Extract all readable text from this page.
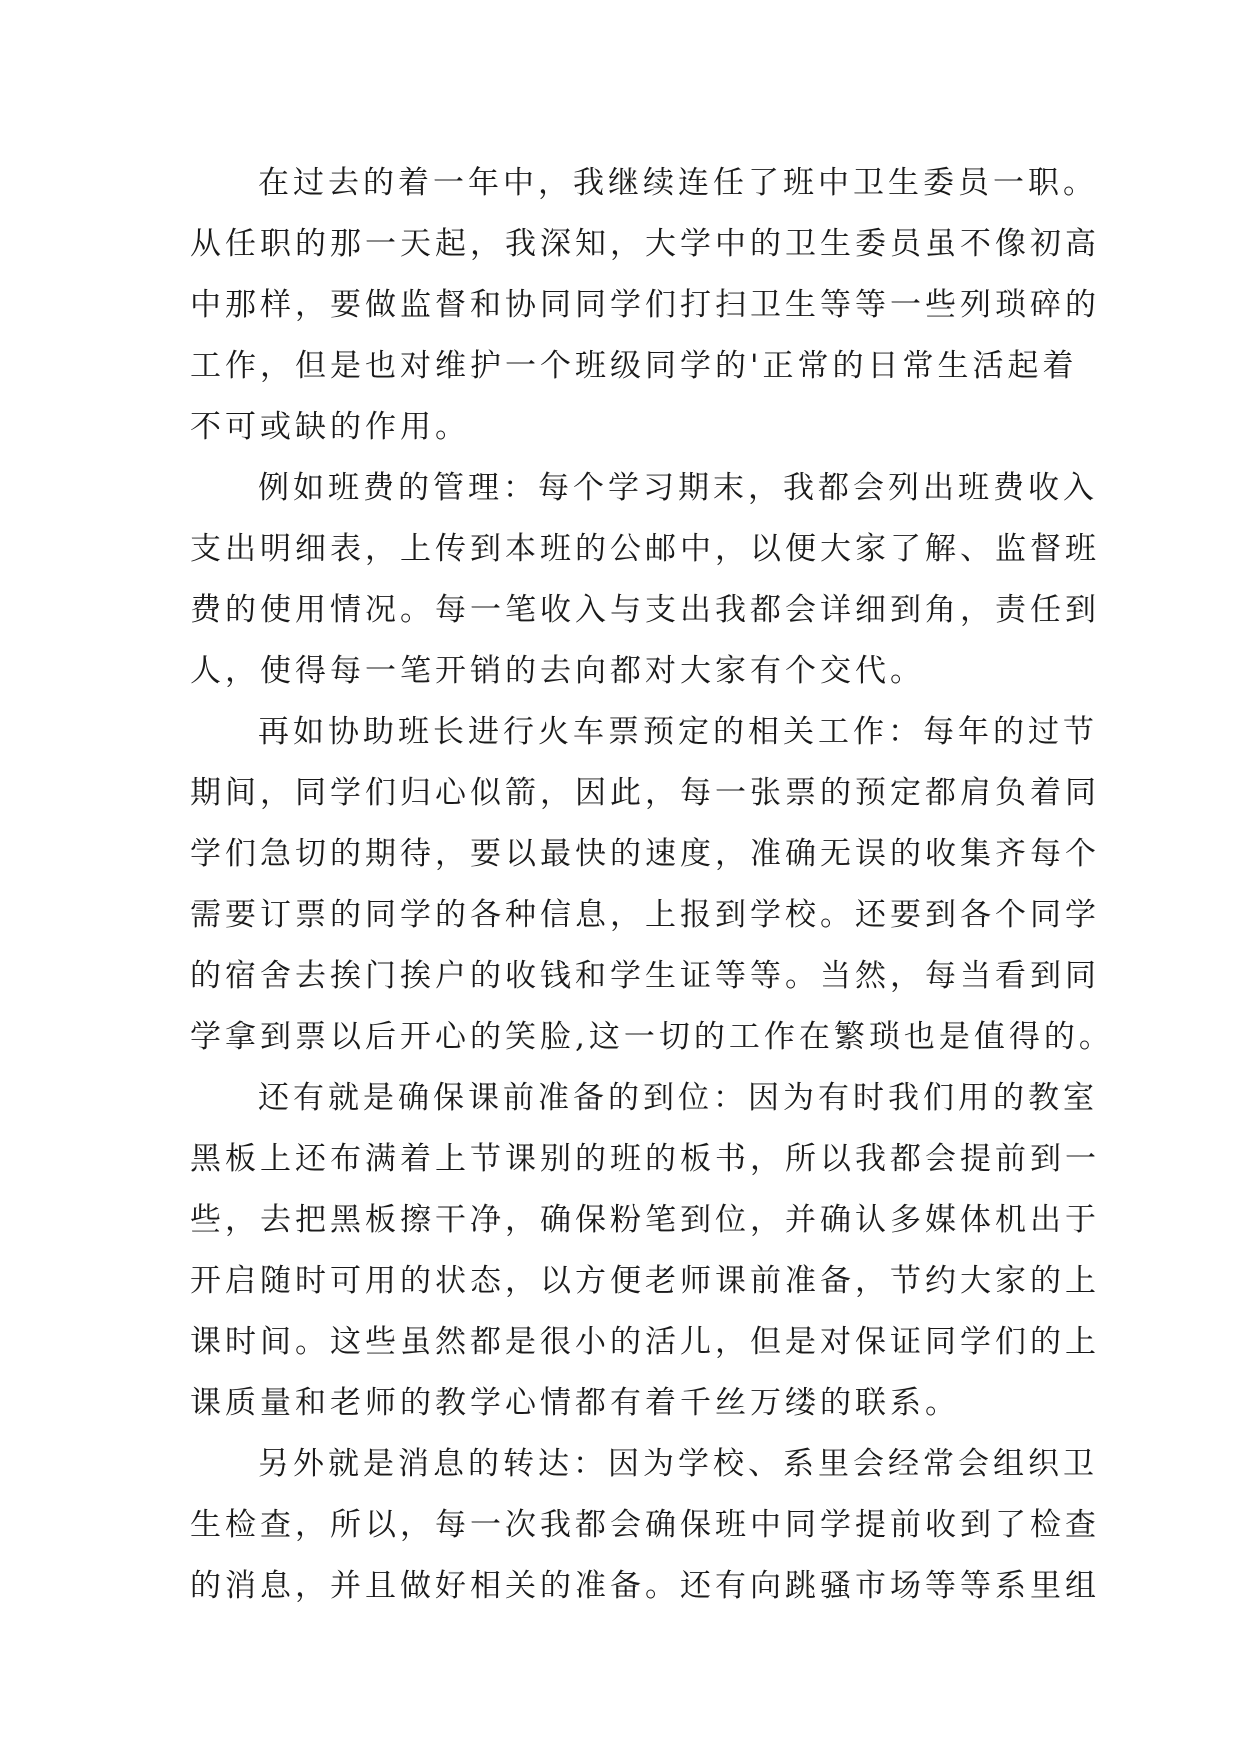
在过去的着一年中，我继续连任了班中卫生委员一职。
从任职的那一天起，我深知，大学中的卫生委员虽不像初高
中那样，要做监督和协同同学们打扫卫生等等一些列琐碎的
工作，但是也对维护一个班级同学的'正常的日常生活起着
不可或缺的作用。
例如班费的管理：每个学习期末，我都会列出班费收入
支出明细表，上传到本班的公邮中，以便大家了解、监督班
费的使用情况。每一笔收入与支出我都会详细到角，责任到
人，使得每一笔开销的去向都对大家有个交代。
再如协助班长进行火车票预定的相关工作：每年的过节
期间，同学们归心似箭，因此，每一张票的预定都肩负着同
学们急切的期待，要以最快的速度，准确无误的收集齐每个
需要订票的同学的各种信息，上报到学校。还要到各个同学
的宿舍去挨门挨户的收钱和学生证等等。当然，每当看到同
学拿到票以后开心的笑脸,这一切的工作在繁琐也是值得的。
还有就是确保课前准备的到位：因为有时我们用的教室
黑板上还布满着上节课别的班的板书，所以我都会提前到一
些，去把黑板擦干净，确保粉笔到位，并确认多媒体机出于
开启随时可用的状态，以方便老师课前准备，节约大家的上
课时间。这些虽然都是很小的活儿，但是对保证同学们的上
课质量和老师的教学心情都有着千丝万缕的联系。
另外就是消息的转达：因为学校、系里会经常会组织卫
生检查，所以，每一次我都会确保班中同学提前收到了检查
的消息，并且做好相关的准备。还有向跳骚市场等等系里组
